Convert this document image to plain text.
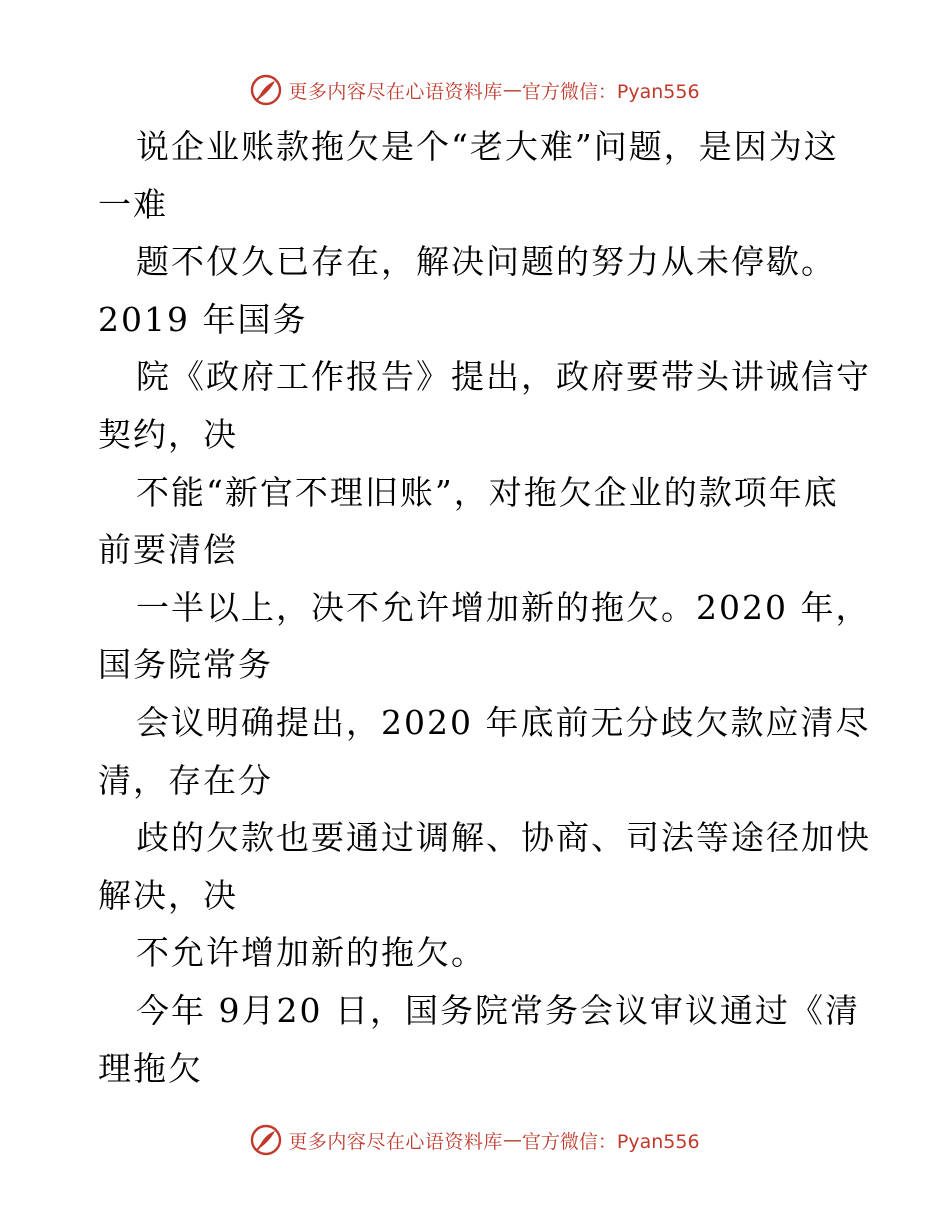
更多内容尽在心语资料库 — 官方微信：Pyan556
说企业账款拖欠是个“老大难”问题，是因为这
一难
题不仅久已存在，解决问题的努力从未停歇。
2019 年国务
院《政府工作报告》提出，政府要带头讲诚信守
契约，决
不能“新官不理旧账”，对拖欠企业的款项年底
前要清偿
一半以上，决不允许增加新的拖欠。2020 年，
国务院常务
会议明确提出，2020 年底前无分歧欠款应清尽
清，存在分
歧的欠款也要通过调解、协商、司法等途径加快
解决，决
不允许增加新的拖欠。
今年 9月20 日，国务院常务会议审议通过《清
理拖欠
更多内容尽在心语资料库 — 官方微信：Pyan556
